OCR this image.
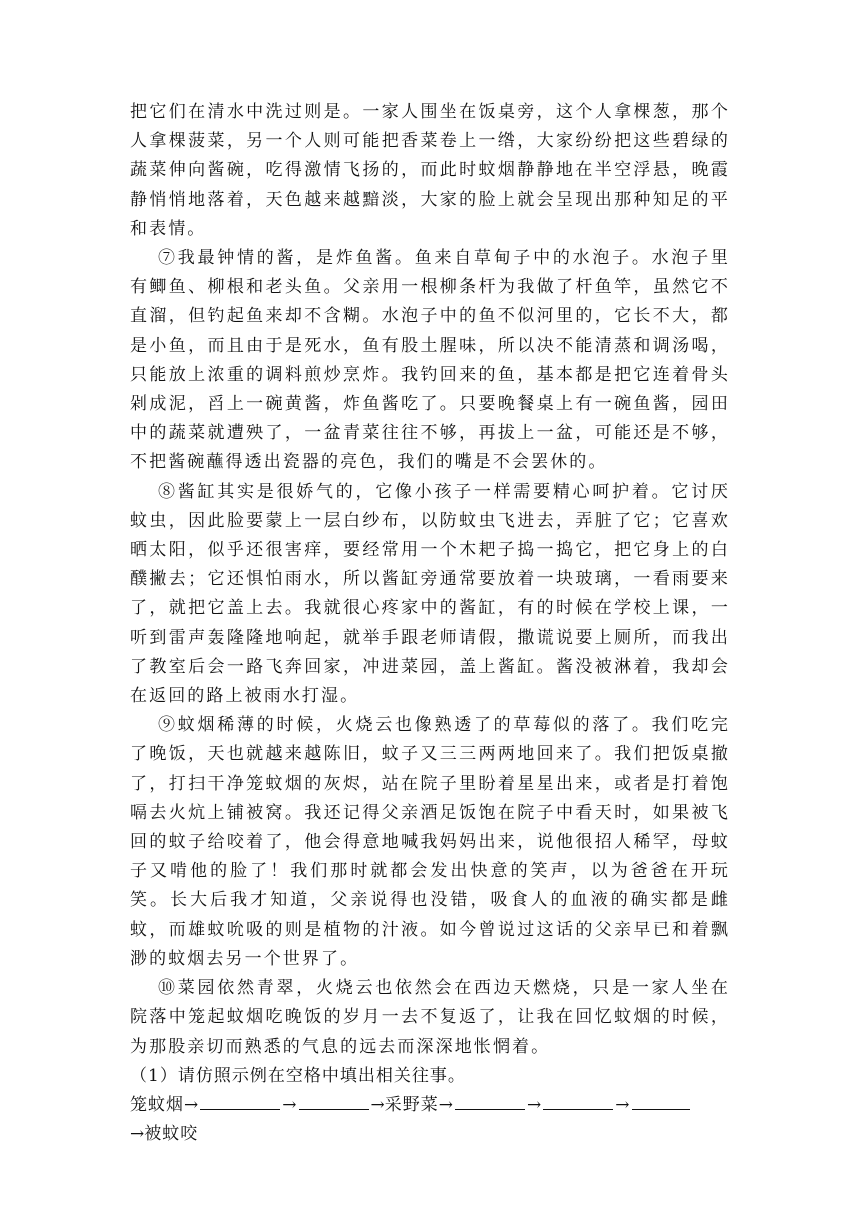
把它们在清水中洗过则是。一家人围坐在饭桌旁，这个人拿棵葱，那个人拿棵菠菜，另一个人则可能把香菜卷上一绺，大家纷纷把这些碧绿的蔬菜伸向酱碗，吃得激情飞扬的，而此时蚊烟静静地在半空浮悬，晚霞静悄悄地落着，天色越来越黯淡，大家的脸上就会呈现出那种知足的平和表情。

⑦我最钟情的酱，是炸鱼酱。鱼来自草甸子中的水泡子。水泡子里有鲫鱼、柳根和老头鱼。父亲用一根柳条杆为我做了杆鱼竿，虽然它不直溜，但钓起鱼来却不含糊。水泡子中的鱼不似河里的，它长不大，都是小鱼，而且由于是死水，鱼有股土腥味，所以决不能清蒸和调汤喝，只能放上浓重的调料煎炒烹炸。我钓回来的鱼，基本都是把它连着骨头剁成泥，舀上一碗黄酱，炸鱼酱吃了。只要晚餐桌上有一碗鱼酱，园田中的蔬菜就遭殃了，一盆青菜往往不够，再拔上一盆，可能还是不够，不把酱碗蘸得透出瓷器的亮色，我们的嘴是不会罢休的。

⑧酱缸其实是很娇气的，它像小孩子一样需要精心呵护着。它讨厌蚊虫，因此脸要蒙上一层白纱布，以防蚊虫飞进去，弄脏了它；它喜欢晒太阳，似乎还很害痒，要经常用一个木耙子捣一捣它，把它身上的白醭撇去；它还惧怕雨水，所以酱缸旁通常要放着一块玻璃，一看雨要来了，就把它盖上去。我就很心疼家中的酱缸，有的时候在学校上课，一听到雷声轰隆隆地响起，就举手跟老师请假，撒谎说要上厕所，而我出了教室后会一路飞奔回家，冲进菜园，盖上酱缸。酱没被淋着，我却会在返回的路上被雨水打湿。

⑨蚊烟稀薄的时候，火烧云也像熟透了的草莓似的落了。我们吃完了晚饭，天也就越来越陈旧，蚊子又三三两两地回来了。我们把饭桌撤了，打扫干净笼蚊烟的灰烬，站在院子里盼着星星出来，或者是打着饱嗝去火炕上铺被窝。我还记得父亲酒足饭饱在院子中看天时，如果被飞回的蚊子给咬着了，他会得意地喊我妈妈出来，说他很招人稀罕，母蚊子又啃他的脸了！我们那时就都会发出快意的笑声，以为爸爸在开玩笑。长大后我才知道，父亲说得也没错，吸食人的血液的确实都是雌蚊，而雄蚊吮吸的则是植物的汁液。如今曾说过这话的父亲早已和着飘渺的蚊烟去另一个世界了。

⑩菜园依然青翠，火烧云也依然会在西边天燃烧，只是一家人坐在院落中笼起蚊烟吃晚饭的岁月一去不复返了，让我在回忆蚊烟的时候，为那股亲切而熟悉的气息的远去而深深地怅惘着。

（1）请仿照示例在空格中填出相关往事。

笼蚊烟→	→	→采野菜→	→	→

→被蚊咬
